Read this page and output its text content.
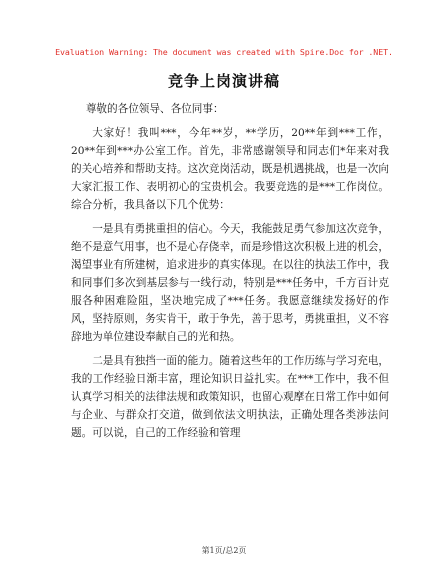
Evaluation Warning: The document was created with Spire.Doc for .NET.
竞争上岗演讲稿

尊敬的各位领导、各位同事：

大家好！我叫***，今年**岁，**学历，20**年到***工作，20**年到***办公室工作。首先，非常感谢领导和同志们*年来对我的关心培养和帮助支持。这次竞岗活动，既是机遇挑战，也是一次向大家汇报工作、表明初心的宝贵机会。我要竞选的是***工作岗位。综合分析，我具备以下几个优势：

一是具有勇挑重担的信心。今天，我能鼓足勇气参加这次竞争，绝不是意气用事，也不是心存侥幸，而是珍惜这次积极上进的机会，渴望事业有所建树，追求进步的真实体现。在以往的执法工作中，我和同事们多次到基层参与一线行动，特别是***任务中，千方百计克服各种困难险阻，坚决地完成了***任务。我愿意继续发扬好的作风，坚持原则，务实肯干，敢于争先，善于思考，勇挑重担，义不容辞地为单位建设奉献自己的光和热。

二是具有独挡一面的能力。随着这些年的工作历练与学习充电，我的工作经验日渐丰富，理论知识日益扎实。在***工作中，我不但认真学习相关的法律法规和政策知识，也留心观摩在日常工作中如何与企业、与群众打交道，做到依法文明执法，正确处理各类涉法问题。可以说，自己的工作经验和管理

第1页/总2页
